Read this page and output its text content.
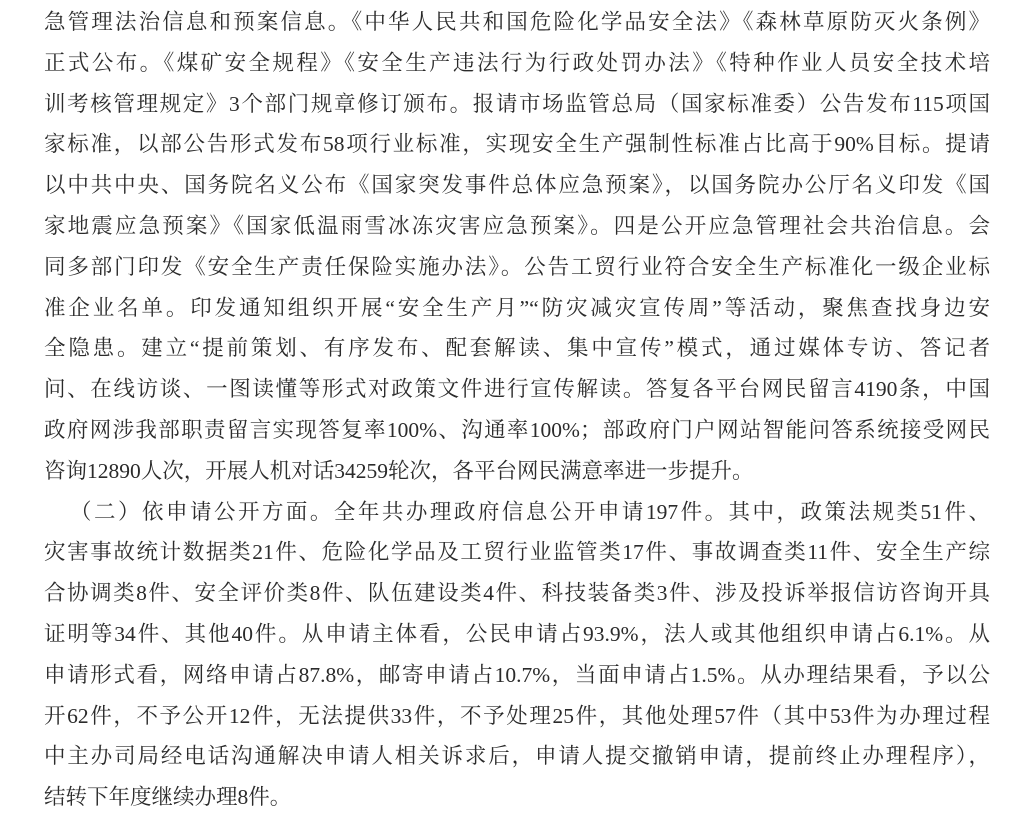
急管理法治信息和预案信息。《中华人民共和国危险化学品安全法》《森林草原防灭火条例》
正式公布。《煤矿安全规程》《安全生产违法行为行政处罚办法》《特种作业人员安全技术培
训考核管理规定》3个部门规章修订颁布。报请市场监管总局（国家标准委）公告发布115项国
家标准，以部公告形式发布58项行业标准，实现安全生产强制性标准占比高于90%目标。提请
以中共中央、国务院名义公布《国家突发事件总体应急预案》，以国务院办公厅名义印发《国
家地震应急预案》《国家低温雨雪冰冻灾害应急预案》。四是公开应急管理社会共治信息。会
同多部门印发《安全生产责任保险实施办法》。公告工贸行业符合安全生产标准化一级企业标
准企业名单。印发通知组织开展“安全生产月”“防灾减灾宣传周”等活动，聚焦查找身边安
全隐患。建立“提前策划、有序发布、配套解读、集中宣传”模式，通过媒体专访、答记者
问、在线访谈、一图读懂等形式对政策文件进行宣传解读。答复各平台网民留言4190条，中国
政府网涉我部职责留言实现答复率100%、沟通率100%；部政府门户网站智能问答系统接受网民
咨询12890人次，开展人机对话34259轮次，各平台网民满意率进一步提升。
（二）依申请公开方面。全年共办理政府信息公开申请197件。其中，政策法规类51件、
灾害事故统计数据类21件、危险化学品及工贸行业监管类17件、事故调查类11件、安全生产综
合协调类8件、安全评价类8件、队伍建设类4件、科技装备类3件、涉及投诉举报信访咨询开具
证明等34件、其他40件。从申请主体看，公民申请占93.9%，法人或其他组织申请占6.1%。从
申请形式看，网络申请占87.8%，邮寄申请占10.7%，当面申请占1.5%。从办理结果看，予以公
开62件，不予公开12件，无法提供33件，不予处理25件，其他处理57件（其中53件为办理过程
中主办司局经电话沟通解决申请人相关诉求后，申请人提交撤销申请，提前终止办理程序），
结转下年度继续办理8件。
